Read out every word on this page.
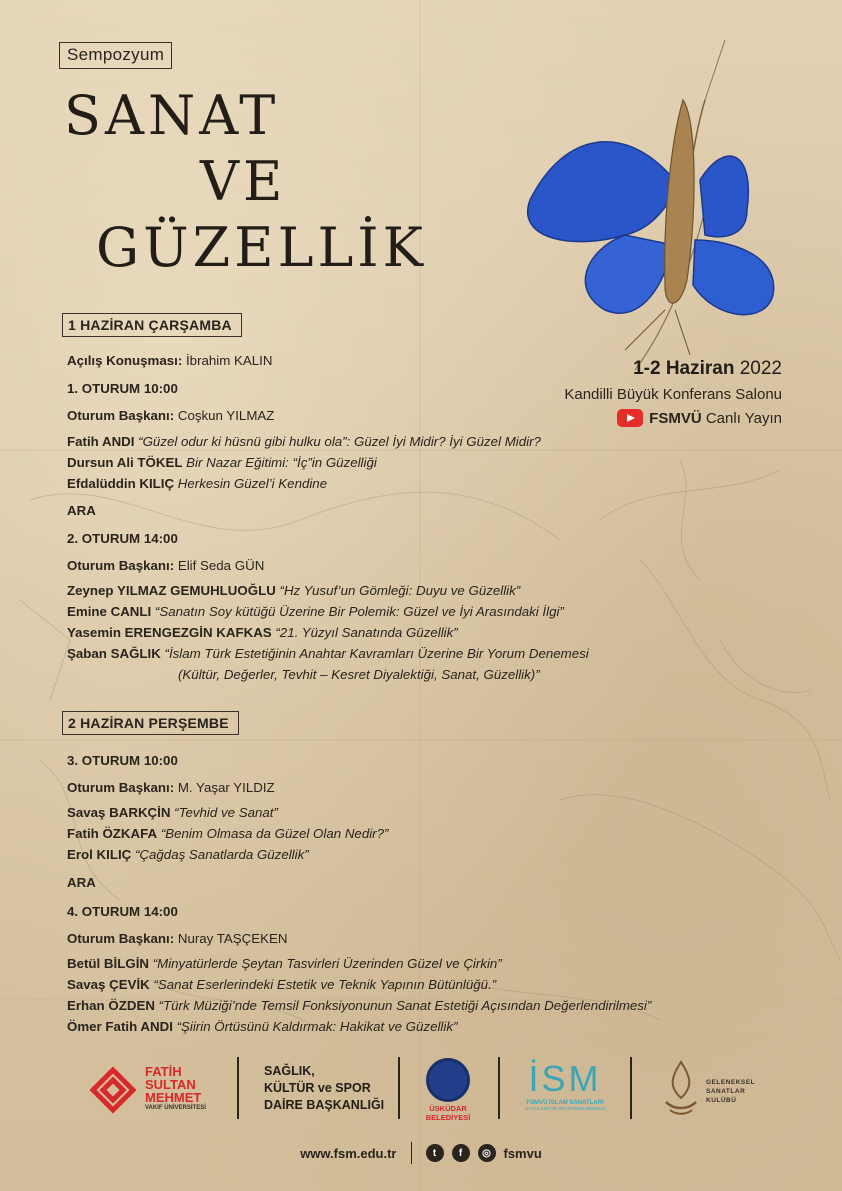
Sempozyum
SANAT
VE
GÜZELLİK
1-2 Haziran 2022
Kandilli Büyük Konferans Salonu
FSMVÜ Canlı Yayın
1 HAZİRAN ÇARŞAMBA
Açılış Konuşması: İbrahim KALIN
1. OTURUM 10:00
Oturum Başkanı: Coşkun YILMAZ
Fatih ANDI “Güzel odur ki hüsnü gibi hulku ola”: Güzel İyi Midir? İyi Güzel Midir?
Dursun Ali TÖKEL Bir Nazar Eğitimi: “İç”in Güzelliği
Efdalüddin KILIÇ Herkesin Güzel’i Kendine
ARA
2. OTURUM 14:00
Oturum Başkanı: Elif Seda GÜN
Zeynep YILMAZ GEMUHLUOĞLU “Hz Yusuf’un Gömleği: Duyu ve Güzellik”
Emine CANLI “Sanatın Soy kütüğü Üzerine Bir Polemik: Güzel ve İyi Arasındaki İlgi”
Yasemin ERENGEZGİN KAFKAS “21. Yüzyıl Sanatında Güzellik”
Şaban SAĞLIK “İslam Türk Estetiğinin Anahtar Kavramları Üzerine Bir Yorum Denemesi
(Kültür, Değerler, Tevhit – Kesret Diyalektiği, Sanat, Güzellik)”
2 HAZİRAN PERŞEMBE
3. OTURUM 10:00
Oturum Başkanı: M. Yaşar YILDIZ
Savaş BARKÇİN “Tevhid ve Sanat”
Fatih ÖZKAFA “Benim Olmasa da Güzel Olan Nedir?”
Erol KILIÇ “Çağdaş Sanatlarda Güzellik”
ARA
4. OTURUM 14:00
Oturum Başkanı: Nuray TAŞÇEKEN
Betül BİLGİN “Minyatürlerde Şeytan Tasvirleri Üzerinden Güzel ve Çirkin”
Savaş ÇEVİK “Sanat Eserlerindeki Estetik ve Teknik Yapının Bütünlüğü.”
Erhan ÖZDEN “Türk Müziği’nde Temsil Fonksiyonunun Sanat Estetiği Açısından Değerlendirilmesi”
Ömer Fatih ANDI “Şiirin Örtüsünü Kaldırmak: Hakikat ve Güzellik”
FATİH
SULTAN
MEHMET
VAKIF ÜNİVERSİTESİ
SAĞLIK,
KÜLTÜR ve SPOR
DAİRE BAŞKANLIĞI	ÜSKÜDAR
BELEDİYESİ
İSM
FSMVÜ İSLAM SANATLARI
UYGULAMA VE ARAŞTIRMA MERKEZİ
GELENEKSEL
SANATLAR
KULÜBÜ
www.fsm.edu.tr	t	f	◎ fsmvu
